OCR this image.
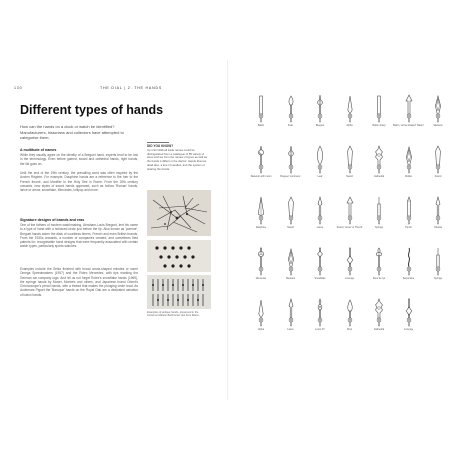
130	THE DIAL | 2. THE HANDS
Different types of hands

How can the hands on a clock or watch be identified? Manufacturers, historians and collectors have attempted to categorise them.

A multitude of names

While they usually agree on the identity of a Breguet hand, experts tend to be lost in the terminology. Even before gained, sword and cathedral hands, right hands, the list goes on.

Until the end of the 19th century, the prevailing word was often inspired by the Ancien Régime. For example, Dauphine hands are a reference to the heir to the French throne, and Montfier to the Holy See in Rome. From the 20th century onwards, new styles of sword hands appeared, such as hollow 'Roman' hands, lance or arrow, snowflake, Mercedes, lollipop and more.

Signature designs of brands and eras

One of the fathers of modern watchmaking, Abraham-Louis Breguet, lent his name to a type of hand with a hollowed circle just before the tip. Also known as 'pomme', Breguet hands adorn the dials of countless timers, French and even British brands. From the 1930s onwards, a number of companies created, and sometimes filed patents for, recognisable hand designs that were frequently associated with certain watch types, particularly sports watches.

Examples include the Seiko finished with broad arrow-shaped minutes or some Omega Speedmasters (1957) and the Rolex Mercedes, with tips marking the German car company logo. And let us not forget Rolex's snowflake hands (1969), the syringe hands by Moser, Montres and others, and Japanese brand Orient's Chronoscope's pencil hands, with a thread that makes the plunging circle read. As Audemars Piguet the 'Baroque' hands on the Royal Oak are a dedicated variation of baton hands.

DID YOU KNOW?

Up until 1949 all trade names could be distinguished from a catalogue of 85 variety of sizes and we from the names of types as well as the hands it differs in the dial for. Hands that are dead also, a line of needles, and the system of sharing the hands.

Examples of antique hands, preserved in the Ancienne Maison Bérthomier des Fers Mains.

Batôn	Pear	Breguet	Alpha	Batôn sharp	Batón, 'arrow-shaped' 'Baton'	Skeleton

Skeleton with moon	Breguet 'Luminous'	Leaf	Sword	Cathedral	Mobile	Sword

Dauphine	Sword	Lance	Sword, 'arrow' or 'Pencil'	Syringe	Pencil	Obelisk

Mercedes	Skeleton	Snowflake	Lozenge	Fleur de lys	Serpentine	Syringe

Alpha	Lance	Louis XV	Drop	Cathedral	Lozenge
